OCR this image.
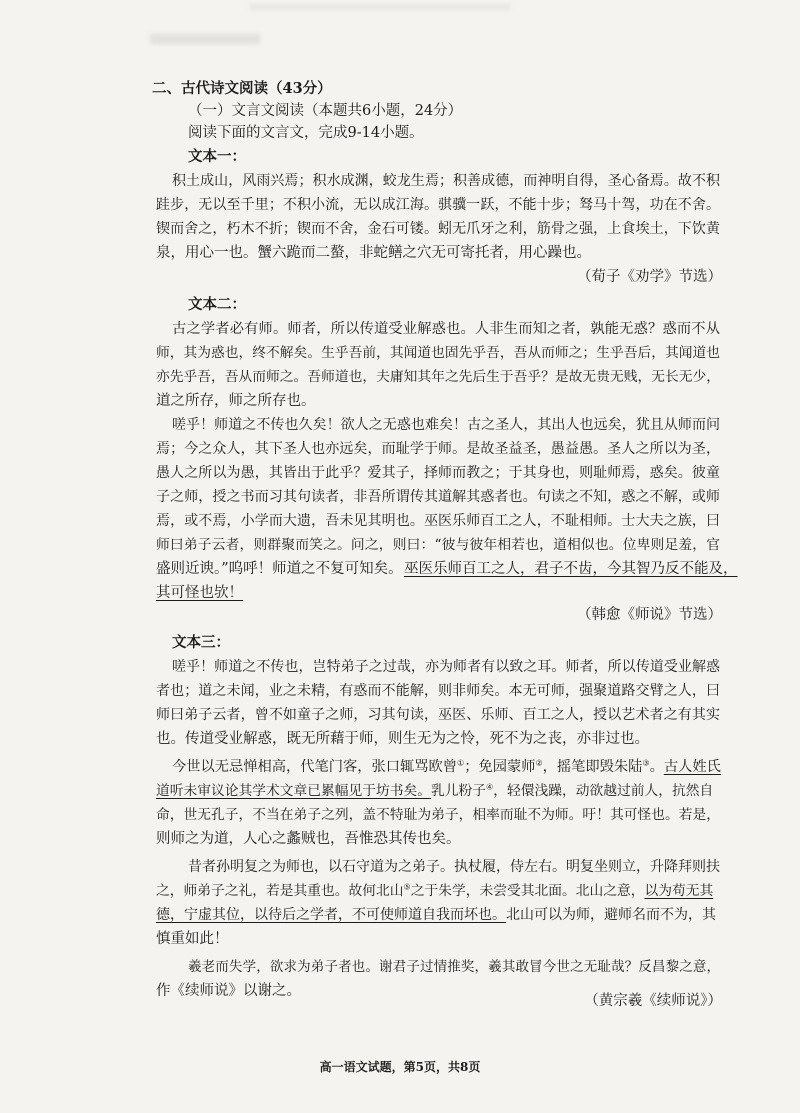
二、古代诗文阅读（43分）
（一）文言文阅读（本题共6小题，24分）
阅读下面的文言文，完成9-14小题。
文本一：
积土成山，风雨兴焉；积水成渊，蛟龙生焉；积善成德，而神明自得，圣心备焉。故不积
跬步，无以至千里；不积小流，无以成江海。骐骥一跃，不能十步；驽马十驾，功在不舍。
锲而舍之，朽木不折；锲而不舍，金石可镂。蚓无爪牙之利，筋骨之强，上食埃土，下饮黄
泉，用心一也。蟹六跪而二螯，非蛇鳝之穴无可寄托者，用心躁也。
（荀子《劝学》节选）
文本二：
古之学者必有师。师者，所以传道受业解惑也。人非生而知之者，孰能无惑？惑而不从
师，其为惑也，终不解矣。生乎吾前，其闻道也固先乎吾，吾从而师之；生乎吾后，其闻道也
亦先乎吾，吾从而师之。吾师道也，夫庸知其年之先后生于吾乎？是故无贵无贱，无长无少，
道之所存，师之所存也。
嗟乎！师道之不传也久矣！欲人之无惑也难矣！古之圣人，其出人也远矣，犹且从师而问
焉；今之众人，其下圣人也亦远矣，而耻学于师。是故圣益圣，愚益愚。圣人之所以为圣，
愚人之所以为愚，其皆出于此乎？爱其子，择师而教之；于其身也，则耻师焉，惑矣。彼童
子之师，授之书而习其句读者，非吾所谓传其道解其惑者也。句读之不知，惑之不解，或师
焉，或不焉，小学而大遗，吾未见其明也。巫医乐师百工之人，不耻相师。士大夫之族，曰
师曰弟子云者，则群聚而笑之。问之，则曰：“彼与彼年相若也，道相似也。位卑则足羞，官
盛则近谀。”呜呼！师道之不复可知矣。 巫医乐师百工之人，君子不齿，今其智乃反不能及，
其可怪也欤！
（韩愈《师说》节选）
文本三：
嗟乎！师道之不传也，岂特弟子之过哉，亦为师者有以致之耳。师者，所以传道受业解惑
者也；道之未闻，业之未精，有惑而不能解，则非师矣。本无可师，强聚道路交臂之人，曰
师曰弟子云者，曾不如童子之师，习其句读，巫医、乐师、百工之人，授以艺术者之有其实
也。传道受业解惑，既无所藉于师，则生无为之怜，死不为之丧，亦非过也。
今世以无忌惮相高，代笔门客，张口辄骂欧曾①；免园蒙师②，摇笔即毁朱陆③。古人姓氏
道听未审议论其学术文章已累幅见于坊书矣。乳儿粉子④，轻儇浅躁，动欲越过前人，抗然自
命，世无孔子，不当在弟子之列，盖不特耻为弟子，相率而耻不为师。吁！其可怪也。若是，
则师之为道，人心之蠡贼也，吾惟恐其传也矣。
昔者孙明复之为师也，以石守道为之弟子。执杖履，侍左右。明复坐则立，升降拜则扶
之，师弟子之礼，若是其重也。故何北山⑤之于朱学，未尝受其北面。北山之意，以为苟无其
德，宁虚其位，以待后之学者，不可使师道自我而坏也。北山可以为师，避师名而不为，其
慎重如此！
羲老而失学，欲求为弟子者也。谢君子过情推奖，羲其敢冒今世之无耻哉？反昌黎之意，
作《续师说》以谢之。
（黄宗羲《续师说》）
高一语文试题，第5页，共8页
